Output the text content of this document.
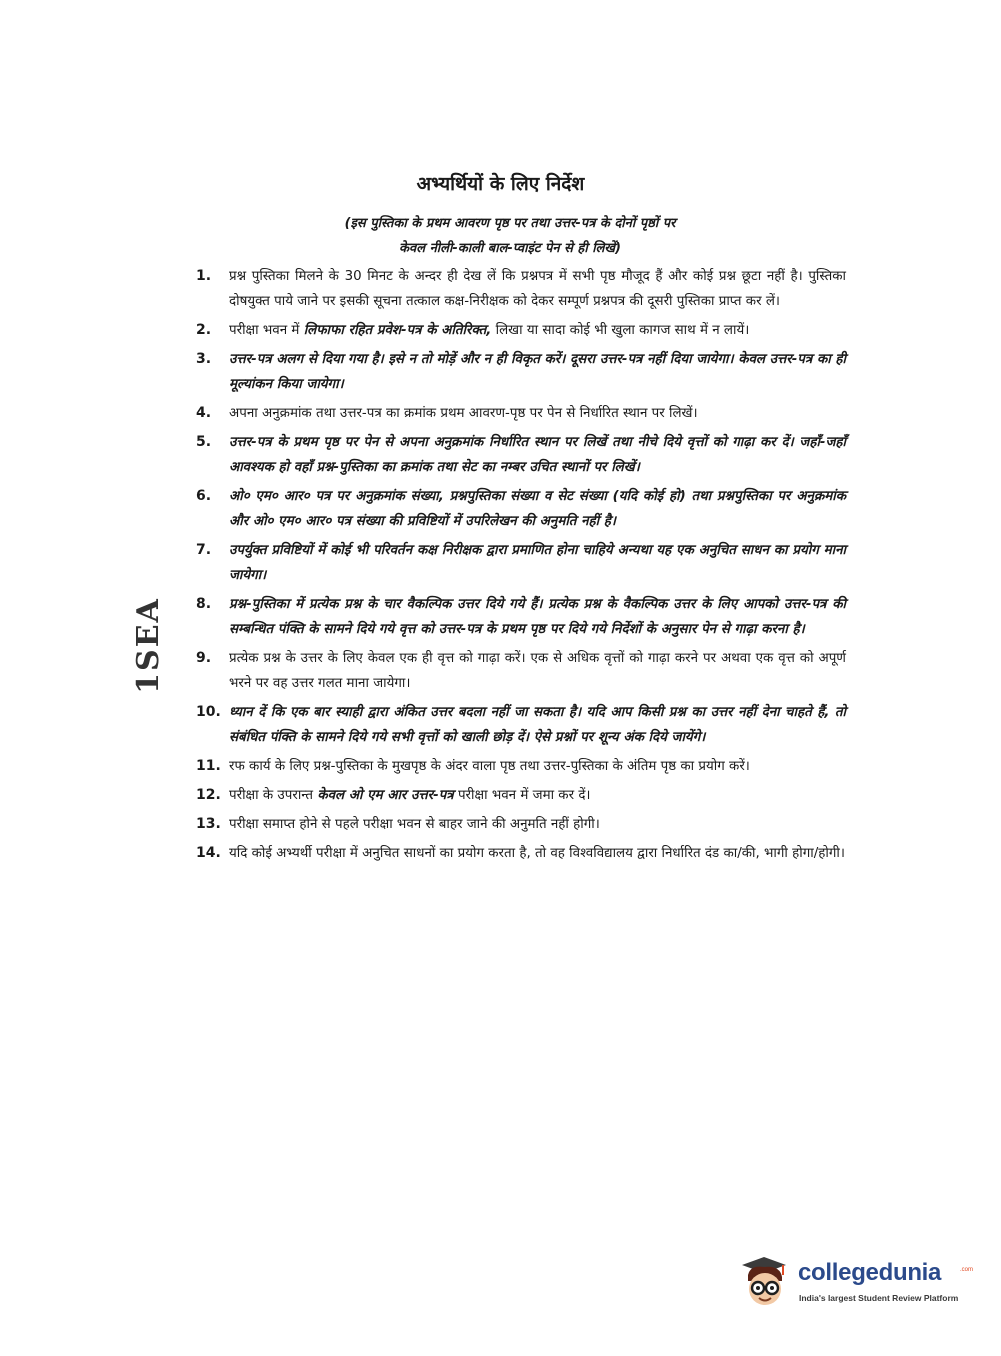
अभ्यर्थियों के लिए निर्देश
(इस पुस्तिका के प्रथम आवरण पृष्ठ पर तथा उत्तर-पत्र के दोनों पृष्ठों पर
केवल नीली-काली बाल-प्वाइंट पेन से ही लिखें)
1SEA
1. प्रश्न पुस्तिका मिलने के 30 मिनट के अन्दर ही देख लें कि प्रश्नपत्र में सभी पृष्ठ मौजूद हैं और कोई प्रश्न छूटा नहीं है। पुस्तिका दोषयुक्त पाये जाने पर इसकी सूचना तत्काल कक्ष-निरीक्षक को देकर सम्पूर्ण प्रश्नपत्र की दूसरी पुस्तिका प्राप्त कर लें।
2. परीक्षा भवन में लिफाफा रहित प्रवेश-पत्र के अतिरिक्त, लिखा या सादा कोई भी खुला कागज साथ में न लायें।
3. उत्तर-पत्र अलग से दिया गया है। इसे न तो मोड़ें और न ही विकृत करें। दूसरा उत्तर-पत्र नहीं दिया जायेगा। केवल उत्तर-पत्र का ही मूल्यांकन किया जायेगा।
4. अपना अनुक्रमांक तथा उत्तर-पत्र का क्रमांक प्रथम आवरण-पृष्ठ पर पेन से निर्धारित स्थान पर लिखें।
5. उत्तर-पत्र के प्रथम पृष्ठ पर पेन से अपना अनुक्रमांक निर्धारित स्थान पर लिखें तथा नीचे दिये वृत्तों को गाढ़ा कर दें। जहाँ-जहाँ आवश्यक हो वहाँ प्रश्न-पुस्तिका का क्रमांक तथा सेट का नम्बर उचित स्थानों पर लिखें।
6. ओ० एम० आर० पत्र पर अनुक्रमांक संख्या, प्रश्नपुस्तिका संख्या व सेट संख्या (यदि कोई हो) तथा प्रश्नपुस्तिका पर अनुक्रमांक और ओ० एम० आर० पत्र संख्या की प्रविष्टियों में उपरिलेखन की अनुमति नहीं है।
7. उपर्युक्त प्रविष्टियों में कोई भी परिवर्तन कक्ष निरीक्षक द्वारा प्रमाणित होना चाहिये अन्यथा यह एक अनुचित साधन का प्रयोग माना जायेगा।
8. प्रश्न-पुस्तिका में प्रत्येक प्रश्न के चार वैकल्पिक उत्तर दिये गये हैं। प्रत्येक प्रश्न के वैकल्पिक उत्तर के लिए आपको उत्तर-पत्र की सम्बन्धित पंक्ति के सामने दिये गये वृत्त को उत्तर-पत्र के प्रथम पृष्ठ पर दिये गये निर्देशों के अनुसार पेन से गाढ़ा करना है।
9. प्रत्येक प्रश्न के उत्तर के लिए केवल एक ही वृत्त को गाढ़ा करें। एक से अधिक वृत्तों को गाढ़ा करने पर अथवा एक वृत्त को अपूर्ण भरने पर वह उत्तर गलत माना जायेगा।
10. ध्यान दें कि एक बार स्याही द्वारा अंकित उत्तर बदला नहीं जा सकता है। यदि आप किसी प्रश्न का उत्तर नहीं देना चाहते हैं, तो संबंधित पंक्ति के सामने दिये गये सभी वृत्तों को खाली छोड़ दें। ऐसे प्रश्नों पर शून्य अंक दिये जायेंगे।
11. रफ कार्य के लिए प्रश्न-पुस्तिका के मुखपृष्ठ के अंदर वाला पृष्ठ तथा उत्तर-पुस्तिका के अंतिम पृष्ठ का प्रयोग करें।
12. परीक्षा के उपरान्त केवल ओ एम आर उत्तर-पत्र परीक्षा भवन में जमा कर दें।
13. परीक्षा समाप्त होने से पहले परीक्षा भवन से बाहर जाने की अनुमति नहीं होगी।
14. यदि कोई अभ्यर्थी परीक्षा में अनुचित साधनों का प्रयोग करता है, तो वह विश्वविद्यालय द्वारा निर्धारित दंड का/की, भागी होगा/होगी।
collegedunia	.com
India's largest Student Review Platform
